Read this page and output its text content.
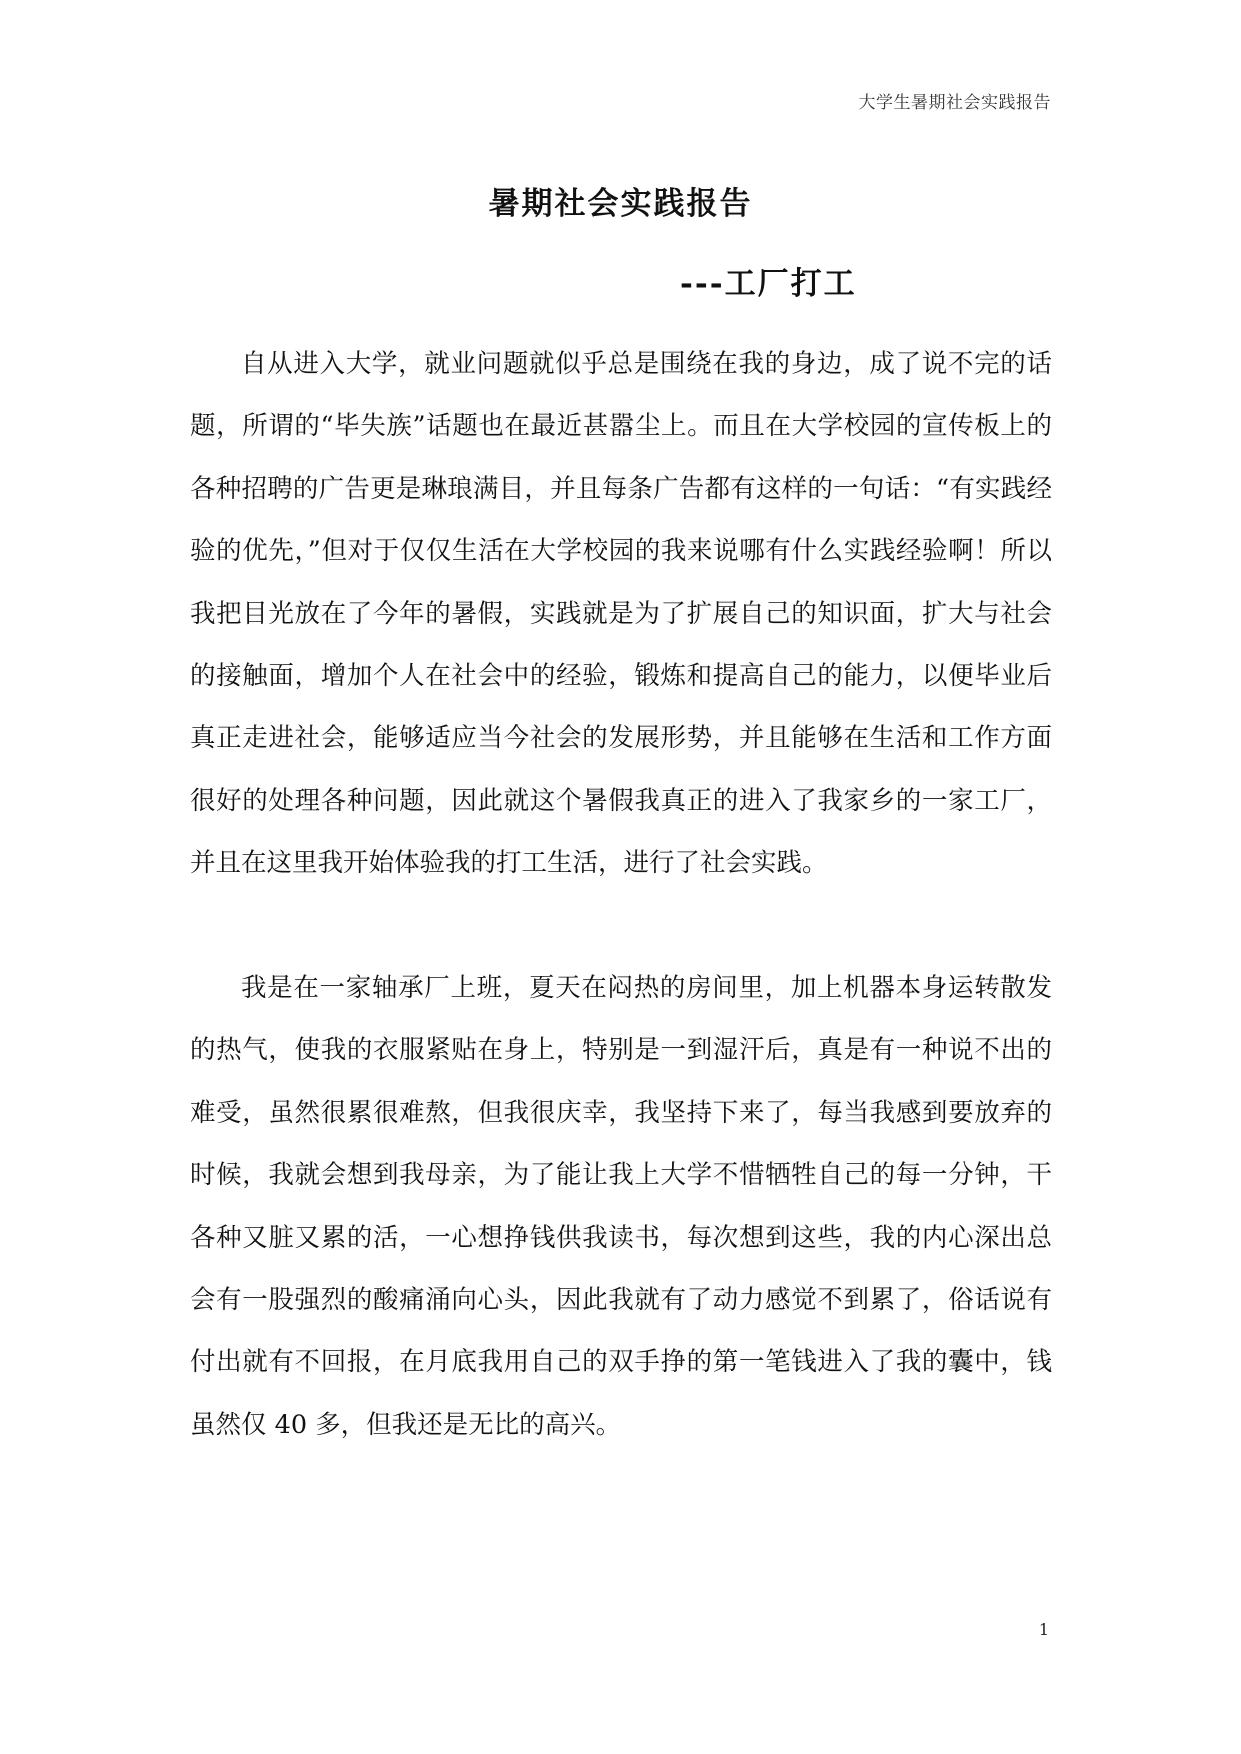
大学生暑期社会实践报告
暑期社会实践报告
---工厂打工

自从进入大学，就业问题就似乎总是围绕在我的身边，成了说不完的话题，所谓的“毕失族”话题也在最近甚嚣尘上。而且在大学校园的宣传板上的各种招聘的广告更是琳琅满目，并且每条广告都有这样的一句话：“有实践经验的优先，”但对于仅仅生活在大学校园的我来说哪有什么实践经验啊！所以我把目光放在了今年的暑假，实践就是为了扩展自己的知识面，扩大与社会的接触面，增加个人在社会中的经验，锻炼和提高自己的能力，以便毕业后真正走进社会，能够适应当今社会的发展形势，并且能够在生活和工作方面很好的处理各种问题，因此就这个暑假我真正的进入了我家乡的一家工厂，并且在这里我开始体验我的打工生活，进行了社会实践。

我是在一家轴承厂上班，夏天在闷热的房间里，加上机器本身运转散发的热气，使我的衣服紧贴在身上，特别是一到湿汗后，真是有一种说不出的难受，虽然很累很难熬，但我很庆幸，我坚持下来了，每当我感到要放弃的时候，我就会想到我母亲，为了能让我上大学不惜牺牲自己的每一分钟，干各种又脏又累的活，一心想挣钱供我读书，每次想到这些，我的内心深出总会有一股强烈的酸痛涌向心头，因此我就有了动力感觉不到累了，俗话说有付出就有不回报，在月底我用自己的双手挣的第一笔钱进入了我的囊中，钱虽然仅 40 多，但我还是无比的高兴。

1
